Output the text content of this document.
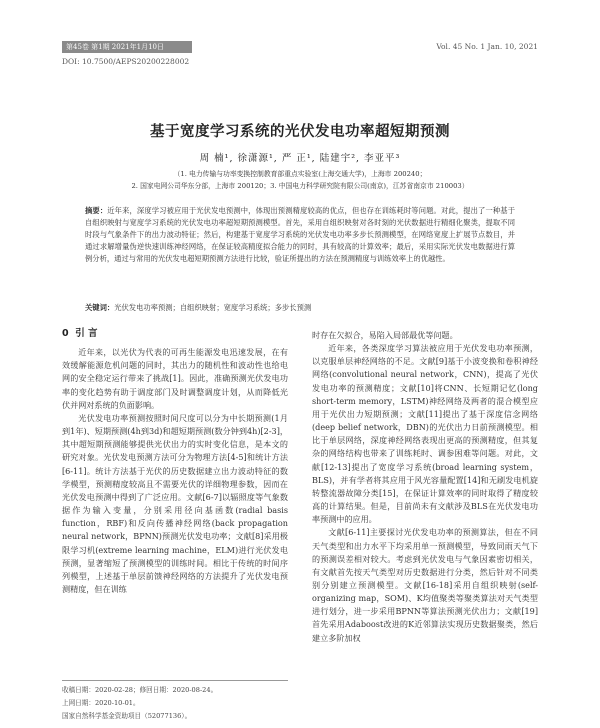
第45卷 第1期 2021年1月10日	Vol. 45 No. 1 Jan. 10, 2021
DOI: 10.7500/AEPS20200228002
基于宽度学习系统的光伏发电功率超短期预测
周 楠¹, 徐潇源¹, 严 正¹, 陆建宇², 李亚平³
（1. 电力传输与功率变换控制教育部重点实验室(上海交通大学)，上海市 200240；
2. 国家电网公司华东分部，上海市 200120；3. 中国电力科学研究院有限公司(南京)，江苏省南京市 210003）
摘要：近年来，深度学习被应用于光伏发电预测中，体现出预测精度较高的优点，但也存在训练耗时等问题。对此，提出了一种基于自组织映射与宽度学习系统的光伏发电功率超短期预测模型。首先，采用自组织映射对各时刻的光伏数据进行精细化聚类，提取不同时段与气象条件下的出力波动特征；然后，构建基于宽度学习系统的光伏发电功率多步长预测模型，在网络宽度上扩展节点数目，并通过求解增量伪逆快速训练神经网络，在保证较高精度拟合能力的同时，具有较高的计算效率；最后，采用实际光伏发电数据进行算例分析，通过与常用的光伏发电超短期预测方法进行比较，验证所提出的方法在预测精度与训练效率上的优越性。
关键词：光伏发电功率预测；自组织映射；宽度学习系统；多步长预测
0 引 言

近年来，以光伏为代表的可再生能源发电迅速发展，在有效缓解能源危机问题的同时，其出力的随机性和波动性也给电网的安全稳定运行带来了挑战[1]。因此，准确预测光伏发电功率的变化趋势有助于调度部门及时调整调度计划，从而降低光伏并网对系统的负面影响。

光伏发电功率预测按照时间尺度可以分为中长期预测(1月到1年)、短期预测(4h到3d)和超短期预测(数分钟到4h)[2-3]，其中超短期预测能够提供光伏出力的实时变化信息，是本文的研究对象。光伏发电预测方法可分为物理方法[4-5]和统计方法[6-11]。统计方法基于光伏的历史数据建立出力波动特征的数学模型，预测精度较高且不需要光伏的详细物理参数，因而在光伏发电预测中得到了广泛应用。文献[6-7]以辐照度等气象数据作为输入变量，分别采用径向基函数(radial basis function，RBF)和反向传播神经网络(back propagation neural network，BPNN)预测光伏发电功率；文献[8]采用极限学习机(extreme learning machine，ELM)进行光伏发电预测，显著缩短了预测模型的训练时间。相比于传统的时间序列模型，上述基于单层前馈神经网络的方法提升了光伏发电预测精度，但在训练

时存在欠拟合，易陷入局部最优等问题。

近年来，各类深度学习算法被应用于光伏发电功率预测，以克服单层神经网络的不足。文献[9]基于小波变换和卷积神经网络(convolutional neural network，CNN)，提高了光伏发电功率的预测精度；文献[10]将CNN、长短期记忆(long short-term memory，LSTM)神经网络及两者的混合模型应用于光伏出力短期预测；文献[11]提出了基于深度信念网络(deep belief network，DBN)的光伏出力日前预测模型。相比于单层网络，深度神经网络表现出更高的预测精度，但其复杂的网络结构也带来了训练耗时、调参困难等问题。对此，文献[12-13]提出了宽度学习系统(broad learning system，BLS)，并有学者将其应用于风光容量配置[14]和无刷发电机旋转整流器故障分类[15]，在保证计算效率的同时取得了精度较高的计算结果。但是，目前尚未有文献涉及BLS在光伏发电功率预测中的应用。

文献[6-11]主要探讨光伏发电功率的预测算法，但在不同天气类型和出力水平下均采用单一预测模型，导致同雨天气下的预测误差相对较大。考虑到光伏发电与气象因素密切相关，有文献首先按天气类型对历史数据进行分类，然后针对不同类别分别建立预测模型。文献[16-18]采用自组织映射(self-organizing map，SOM)、K均值聚类等聚类算法对天气类型进行划分，进一步采用BPNN等算法预测光伏出力；文献[19]首先采用Adaboost改进的K近邻算法实现历史数据聚类，然后建立多阶加权

收稿日期：2020-02-28；修回日期：2020-08-24。
上网日期：2020-10-01。
国家自然科学基金资助项目（52077136）。
